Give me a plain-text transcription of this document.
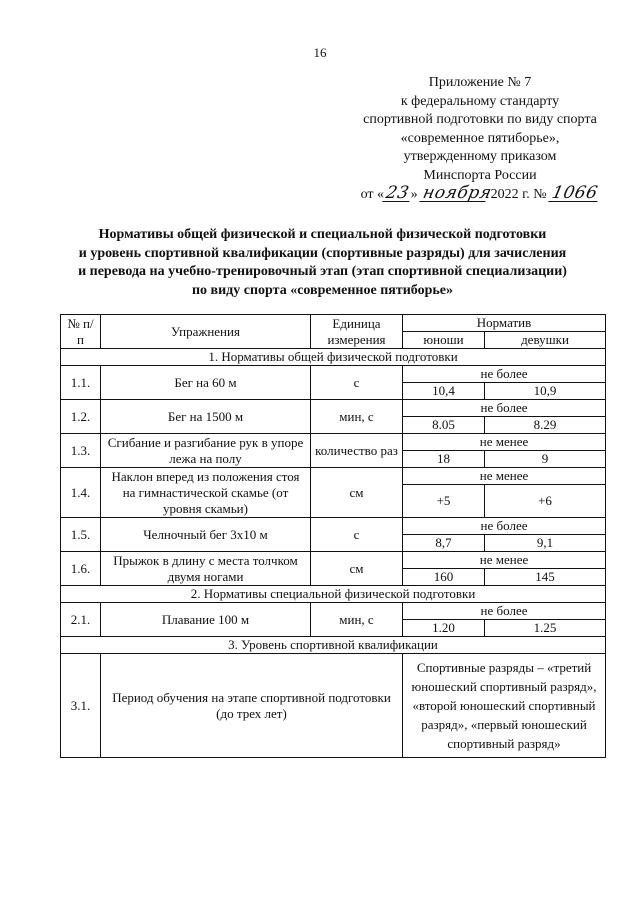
16
Приложение № 7
к федеральному стандарту
спортивной подготовки по виду спорта
«современное пятиборье»,
утвержденному приказом
Минспорта России
от «23» ноября 2022 г. № 1066
Нормативы общей физической и специальной физической подготовки
и уровень спортивной квалификации (спортивные разряды) для зачисления
и перевода на учебно-тренировочный этап (этап спортивной специализации)
по виду спорта «современное пятиборье»
№ п/п	Упражнения	Единица измерения	Норматив	
			юноши	девушки
1. Нормативы общей физической подготовки				
1.1.	Бег на 60 м	с	не более	
			10,4	10,9
1.2.	Бег на 1500 м	мин, с	не более	
			8.05	8.29
1.3.	Сгибание и разгибание рук в упоре лежа на полу	количество раз	не менее	
			18	9
1.4.	Наклон вперед из положения стоя на гимнастической скамье (от уровня скамьи)	см	не менее	
			+5	+6
1.5.	Челночный бег 3х10 м	с	не более	
			8,7	9,1
1.6.	Прыжок в длину с места толчком двумя ногами	см	не менее	
			160	145
2. Нормативы специальной физической подготовки				
2.1.	Плавание 100 м	мин, с	не более	
			1.20	1.25
3. Уровень спортивной квалификации				
3.1.	Период обучения на этапе спортивной подготовки (до трех лет)		Спортивные разряды – «третий юношеский спортивный разряд», «второй юношеский спортивный разряд», «первый юношеский спортивный разряд»	
